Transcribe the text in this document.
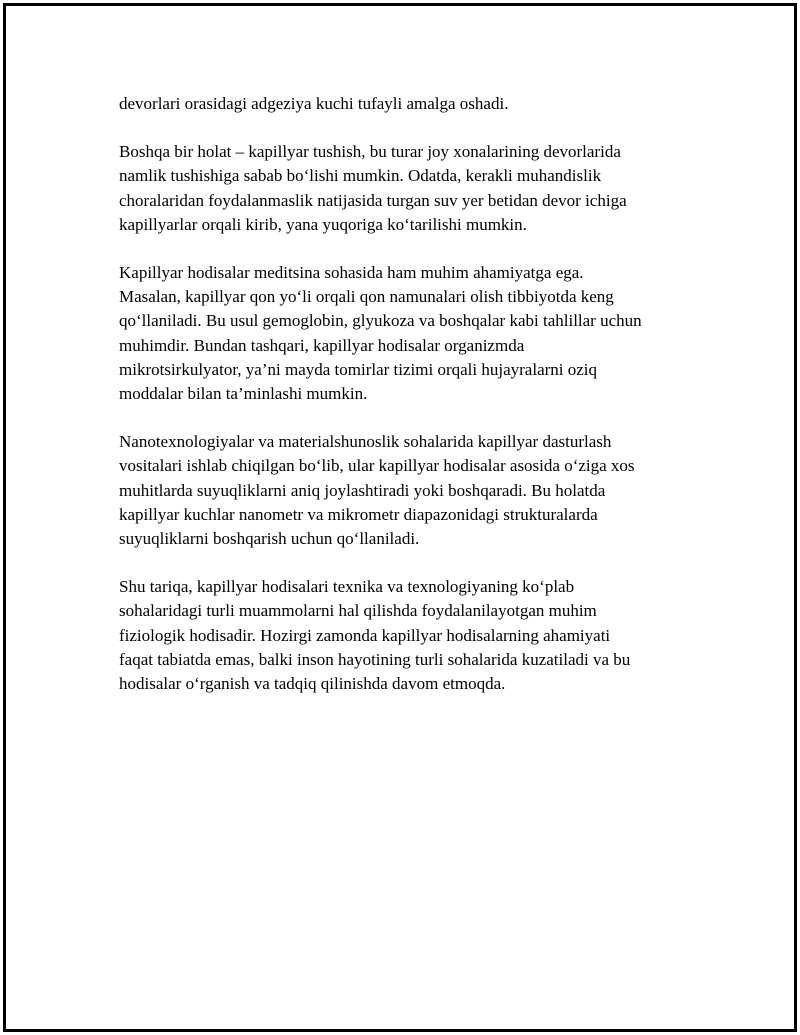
devorlari orasidagi adgeziya kuchi tufayli amalga oshadi.

Boshqa bir holat – kapillyar tushish, bu turar joy xonalarining devorlarida
namlik tushishiga sabab bo‘lishi mumkin. Odatda, kerakli muhandislik
choralaridan foydalanmaslik natijasida turgan suv yer betidan devor ichiga
kapillyarlar orqali kirib, yana yuqoriga ko‘tarilishi mumkin.

Kapillyar hodisalar meditsina sohasida ham muhim ahamiyatga ega.
Masalan, kapillyar qon yo‘li orqali qon namunalari olish tibbiyotda keng
qo‘llaniladi. Bu usul gemoglobin, glyukoza va boshqalar kabi tahlillar uchun
muhimdir. Bundan tashqari, kapillyar hodisalar organizmda
mikrotsirkulyator, ya’ni mayda tomirlar tizimi orqali hujayralarni oziq
moddalar bilan ta’minlashi mumkin.

Nanotexnologiyalar va materialshunoslik sohalarida kapillyar dasturlash
vositalari ishlab chiqilgan bo‘lib, ular kapillyar hodisalar asosida o‘ziga xos
muhitlarda suyuqliklarni aniq joylashtiradi yoki boshqaradi. Bu holatda
kapillyar kuchlar nanometr va mikrometr diapazonidagi strukturalarda
suyuqliklarni boshqarish uchun qo‘llaniladi.

Shu tariqa, kapillyar hodisalari texnika va texnologiyaning ko‘plab
sohalaridagi turli muammolarni hal qilishda foydalanilayotgan muhim
fiziologik hodisadir. Hozirgi zamonda kapillyar hodisalarning ahamiyati
faqat tabiatda emas, balki inson hayotining turli sohalarida kuzatiladi va bu
hodisalar o‘rganish va tadqiq qilinishda davom etmoqda.
